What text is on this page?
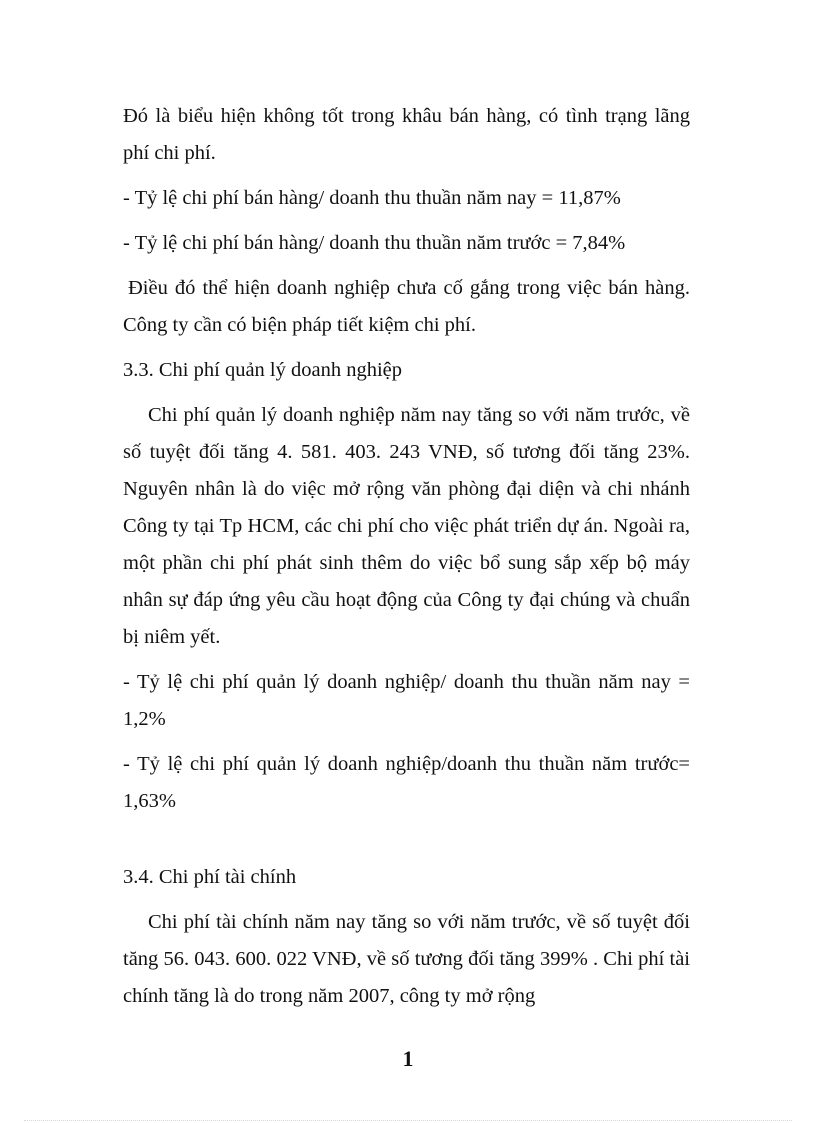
Đó là biểu hiện không tốt trong khâu bán hàng, có tình trạng lãng phí chi phí.

- Tỷ lệ chi phí bán hàng/ doanh thu thuần năm nay = 11,87%

- Tỷ lệ chi phí bán hàng/ doanh thu thuần năm trước = 7,84%

Điều đó thể hiện doanh nghiệp chưa cố gắng trong việc bán hàng. Công ty cần có biện pháp tiết kiệm chi phí.

3.3. Chi phí quản lý doanh nghiệp

Chi phí quản lý doanh nghiệp năm nay tăng so với năm trước, về số tuyệt đối tăng 4. 581. 403. 243 VNĐ, số tương đối tăng 23%. Nguyên nhân là do việc mở rộng văn phòng đại diện và chi nhánh Công ty tại Tp HCM, các chi phí cho việc phát triển dự án. Ngoài ra, một phần chi phí phát sinh thêm do việc bổ sung sắp xếp bộ máy nhân sự đáp ứng yêu cầu hoạt động của Công ty đại chúng và chuẩn bị niêm yết.

- Tỷ lệ chi phí quản lý doanh nghiệp/ doanh thu thuần năm nay = 1,2%

- Tỷ lệ chi phí quản lý doanh nghiệp/doanh thu thuần năm trước= 1,63%

3.4. Chi phí tài chính

Chi phí tài chính năm nay tăng so với năm trước, về số tuyệt đối tăng 56. 043. 600. 022 VNĐ, về số tương đối tăng 399% . Chi phí tài chính tăng là do trong năm 2007, công ty mở rộng

1
